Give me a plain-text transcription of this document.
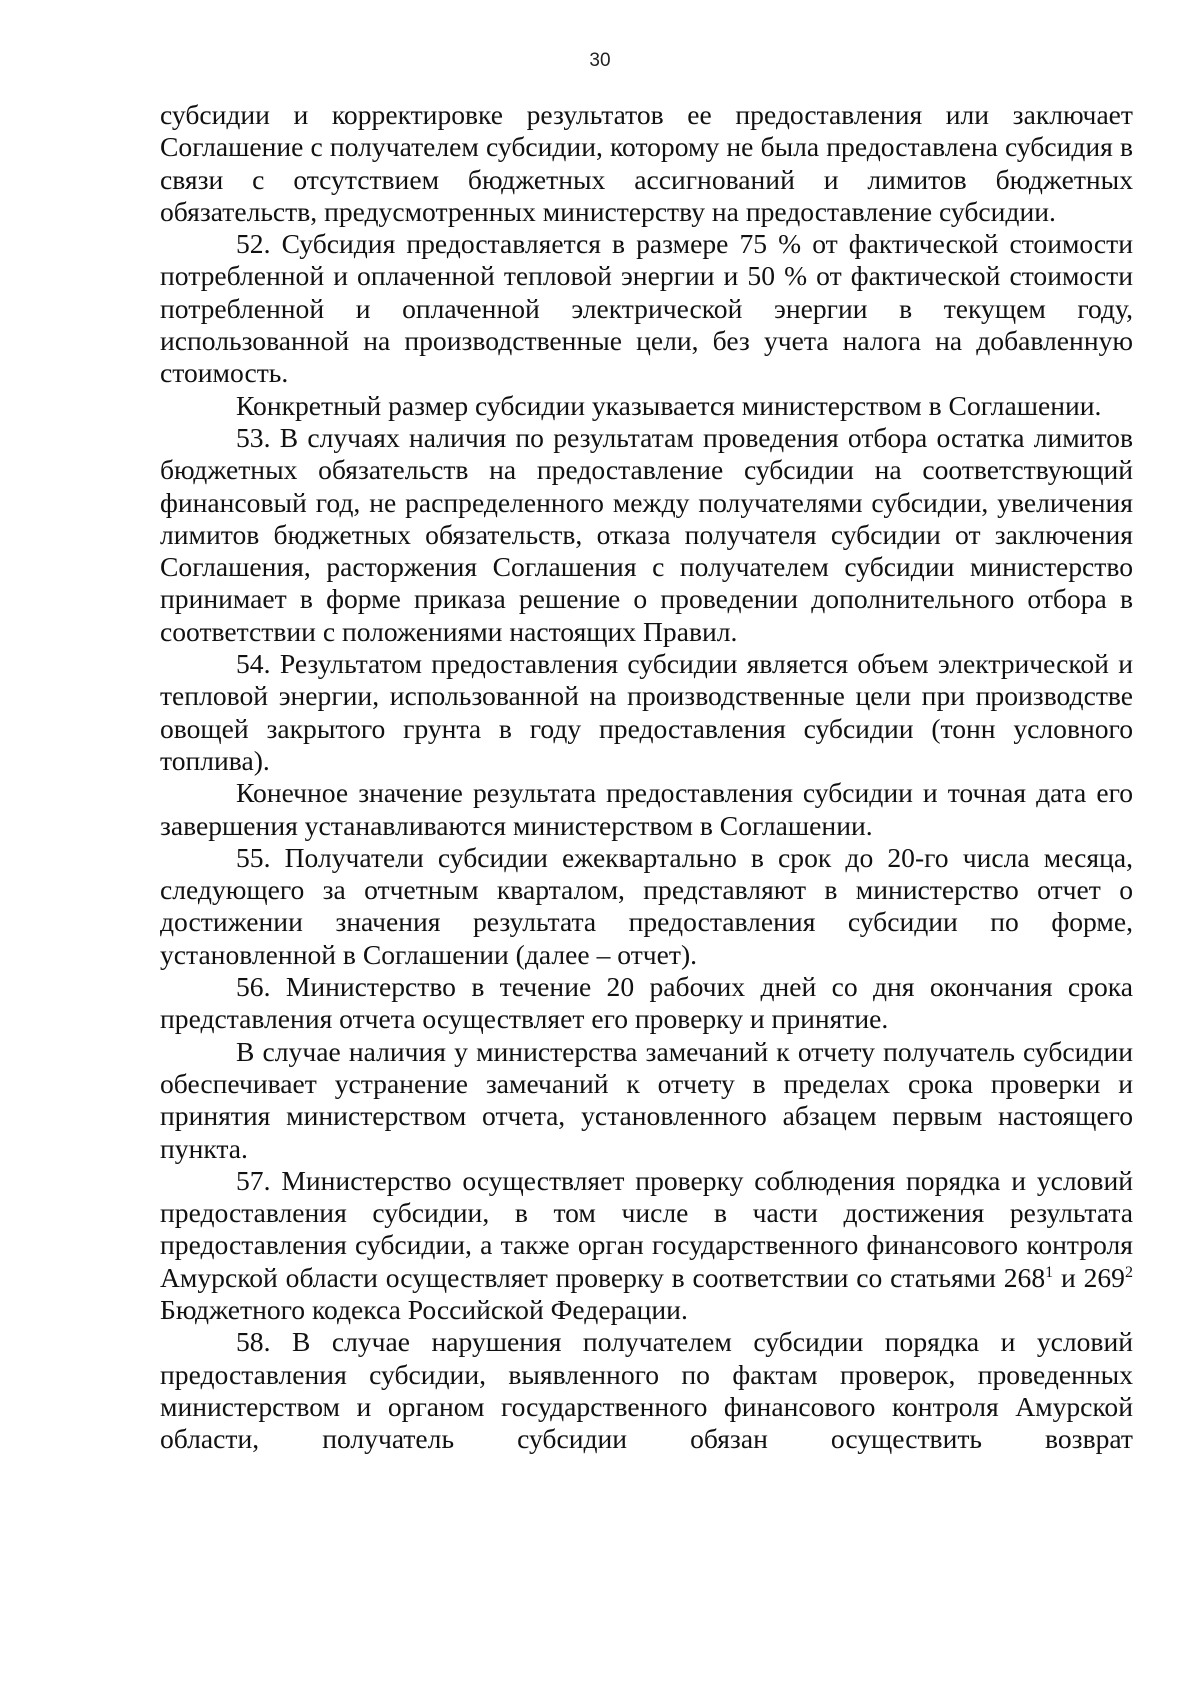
30

субсидии и корректировке результатов ее предоставления или заключает Соглашение с получателем субсидии, которому не была предоставлена субсидия в связи с отсутствием бюджетных ассигнований и лимитов бюджетных обязательств, предусмотренных министерству на предоставление субсидии.

52. Субсидия предоставляется в размере 75 % от фактической стоимости потребленной и оплаченной тепловой энергии и 50 % от фактической стоимости потребленной и оплаченной электрической энергии в текущем году, использованной на производственные цели, без учета налога на добавленную стоимость.

Конкретный размер субсидии указывается министерством в Соглашении.

53. В случаях наличия по результатам проведения отбора остатка лимитов бюджетных обязательств на предоставление субсидии на соответствующий финансовый год, не распределенного между получателями субсидии, увеличения лимитов бюджетных обязательств, отказа получателя субсидии от заключения Соглашения, расторжения Соглашения с получателем субсидии министерство принимает в форме приказа решение о проведении дополнительного отбора в соответствии с положениями настоящих Правил.

54. Результатом предоставления субсидии является объем электрической и тепловой энергии, использованной на производственные цели при производстве овощей закрытого грунта в году предоставления субсидии (тонн условного топлива).

Конечное значение результата предоставления субсидии и точная дата его завершения устанавливаются министерством в Соглашении.

55. Получатели субсидии ежеквартально в срок до 20-го числа месяца, следующего за отчетным кварталом, представляют в министерство отчет о достижении значения результата предоставления субсидии по форме, установленной в Соглашении (далее – отчет).

56. Министерство в течение 20 рабочих дней со дня окончания срока представления отчета осуществляет его проверку и принятие.

В случае наличия у министерства замечаний к отчету получатель субсидии обеспечивает устранение замечаний к отчету в пределах срока проверки и принятия министерством отчета, установленного абзацем первым настоящего пункта.

57. Министерство осуществляет проверку соблюдения порядка и условий предоставления субсидии, в том числе в части достижения результата предоставления субсидии, а также орган государственного финансового контроля Амурской области осуществляет проверку в соответствии со статьями $268^1$ и $269^2$ Бюджетного кодекса Российской Федерации.

58. В случае нарушения получателем субсидии порядка и условий предоставления субсидии, выявленного по фактам проверок, проведенных министерством и органом государственного финансового контроля Амурской области, получатель субсидии обязан осуществить возврат
